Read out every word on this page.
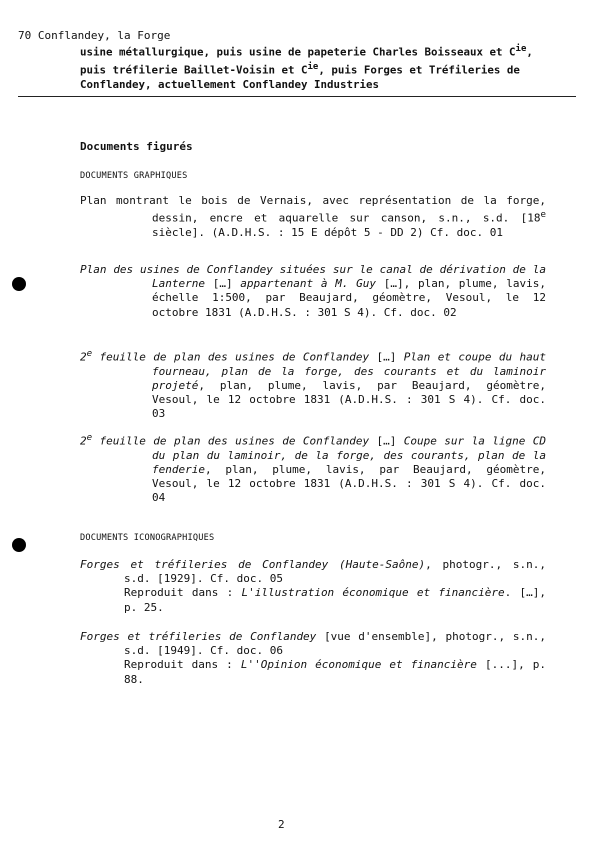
70 Conflandey, la Forge
usine métallurgique, puis usine de papeterie Charles Boisseaux et $C^{ie}$, puis tréfilerie Baillet-Voisin et $C^{ie}$, puis Forges et Tréfileries de Conflandey, actuellement Conflandey Industries
Documents figurés
DOCUMENTS GRAPHIQUES
Plan montrant le bois de Vernais, avec représentation de la forge, dessin, encre et aquarelle sur canson, s.n., s.d. [18e siècle]. (A.D.H.S. : 15 E dépôt 5 - DD 2) Cf. doc. 01
Plan des usines de Conflandey situées sur le canal de dérivation de la Lanterne […] appartenant à M. Guy […], plan, plume, lavis, échelle 1:500, par Beaujard, géomètre, Vesoul, le 12 octobre 1831 (A.D.H.S. : 301 S 4). Cf. doc. 02
2e feuille de plan des usines de Conflandey […] Plan et coupe du haut fourneau, plan de la forge, des courants et du laminoir projeté, plan, plume, lavis, par Beaujard, géomètre, Vesoul, le 12 octobre 1831 (A.D.H.S. : 301 S 4). Cf. doc. 03
2e feuille de plan des usines de Conflandey […] Coupe sur la ligne CD du plan du laminoir, de la forge, des courants, plan de la fenderie, plan, plume, lavis, par Beaujard, géomètre, Vesoul, le 12 octobre 1831 (A.D.H.S. : 301 S 4). Cf. doc. 04
DOCUMENTS ICONOGRAPHIQUES
Forges et tréfileries de Conflandey (Haute-Saône), photogr., s.n., s.d. [1929]. Cf. doc. 05
Reproduit dans : L'illustration économique et financière. […], p. 25.
Forges et tréfileries de Conflandey [vue d'ensemble], photogr., s.n., s.d. [1949]. Cf. doc. 06
Reproduit dans : L''Opinion économique et financière [...], p. 88.
2
